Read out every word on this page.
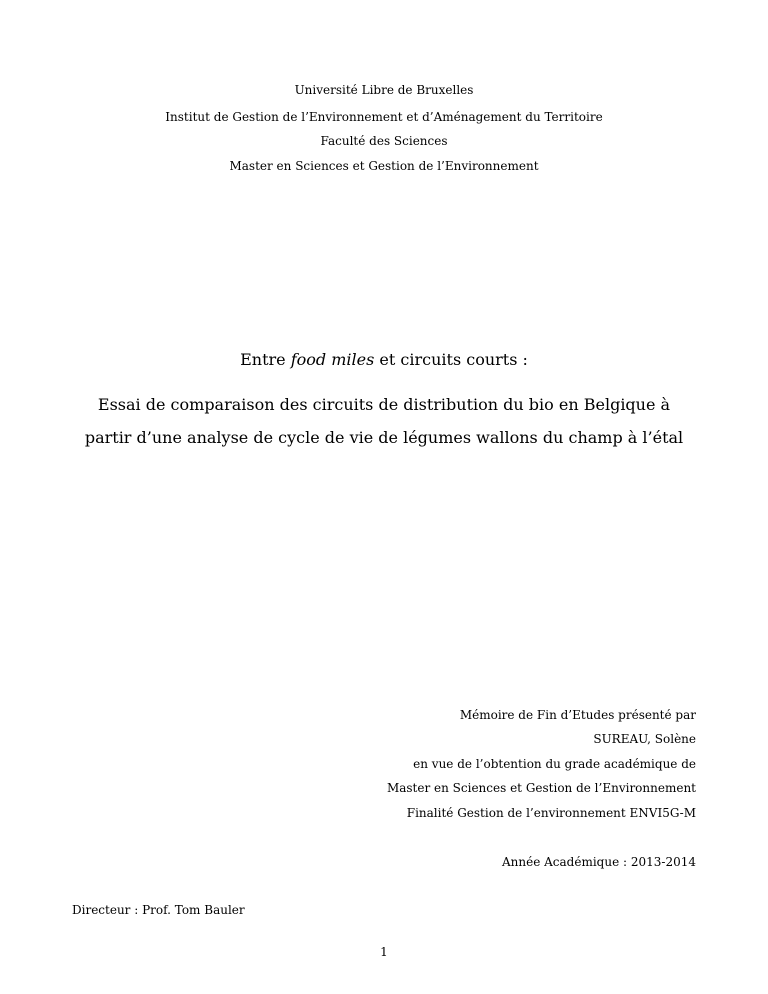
Université Libre de Bruxelles
Institut de Gestion de l’Environnement et d’Aménagement du Territoire
Faculté des Sciences
Master en Sciences et Gestion de l’Environnement
Entre food miles et circuits courts :
Essai de comparaison des circuits de distribution du bio en Belgique à
partir d’une analyse de cycle de vie de légumes wallons du champ à l’étal
Mémoire de Fin d’Etudes présenté par
SUREAU, Solène
en vue de l’obtention du grade académique de
Master en Sciences et Gestion de l’Environnement
Finalité Gestion de l’environnement ENVI5G-M
Année Académique : 2013-2014
Directeur : Prof. Tom Bauler
1
